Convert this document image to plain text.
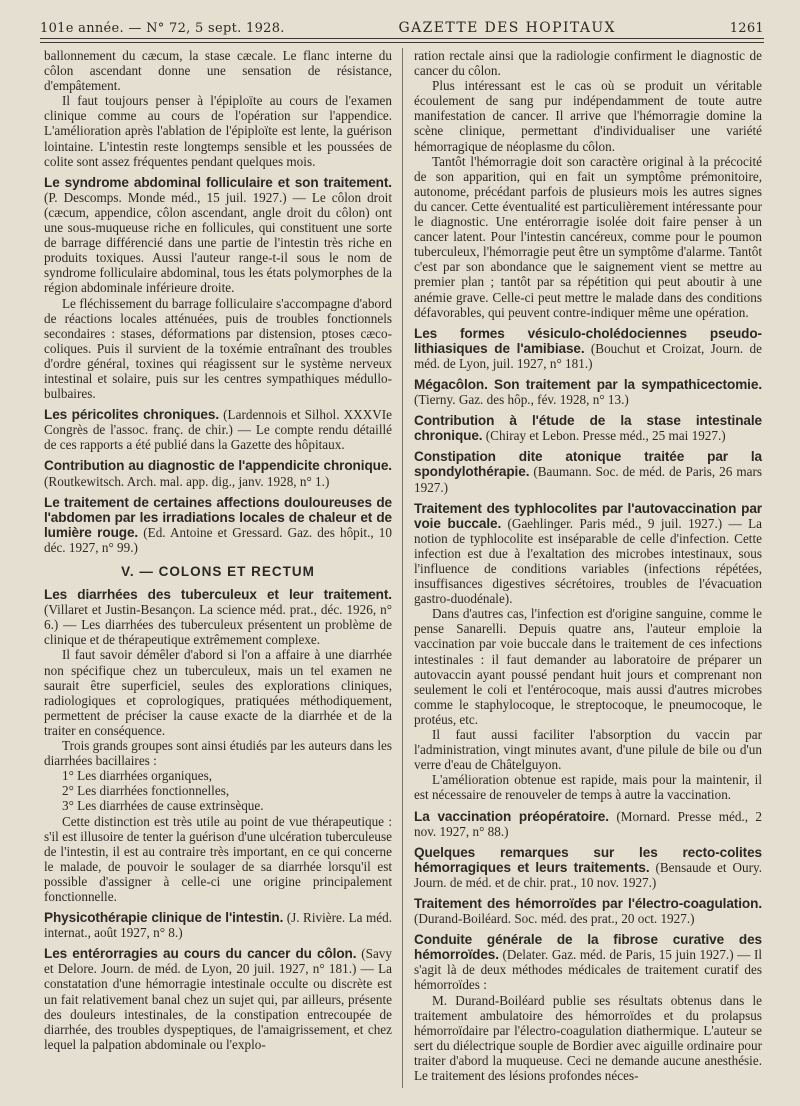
101e année. — N° 72, 5 sept. 1928.	GAZETTE DES HOPITAUX	1261

ballonnement du cæcum, la stase cæcale. Le flanc interne du côlon ascendant donne une sensation de résistance, d'empâtement.

Il faut toujours penser à l'épiploïte au cours de l'examen clinique comme au cours de l'opération sur l'appendice. L'amélioration après l'ablation de l'épiploïte est lente, la guérison lointaine. L'intestin reste longtemps sensible et les poussées de colite sont assez fréquentes pendant quelques mois.

Le syndrome abdominal folliculaire et son traitement. (P. Descomps. Monde méd., 15 juil. 1927.) — Le côlon droit (cæcum, appendice, côlon ascendant, angle droit du côlon) ont une sous-muqueuse riche en follicules, qui constituent une sorte de barrage différencié dans une partie de l'intestin très riche en produits toxiques. Aussi l'auteur range-t-il sous le nom de syndrome folliculaire abdominal, tous les états polymorphes de la région abdominale inférieure droite.

Le fléchissement du barrage folliculaire s'accompagne d'abord de réactions locales atténuées, puis de troubles fonctionnels secondaires : stases, déformations par distension, ptoses cæco-coliques. Puis il survient de la toxémie entraînant des troubles d'ordre général, toxines qui réagissent sur le système nerveux intestinal et solaire, puis sur les centres sympathiques médullo-bulbaires.

Les péricolites chroniques. (Lardennois et Silhol. XXXVIe Congrès de l'assoc. franç. de chir.) — Le compte rendu détaillé de ces rapports a été publié dans la Gazette des hôpitaux.

Contribution au diagnostic de l'appendicite chronique. (Routkewitsch. Arch. mal. app. dig., janv. 1928, n° 1.)

Le traitement de certaines affections douloureuses de l'abdomen par les irradiations locales de chaleur et de lumière rouge. (Ed. Antoine et Gressard. Gaz. des hôpit., 10 déc. 1927, n° 99.)

V. — COLONS ET RECTUM

Les diarrhées des tuberculeux et leur traitement. (Villaret et Justin-Besançon. La science méd. prat., déc. 1926, n° 6.) — Les diarrhées des tuberculeux présentent un problème de clinique et de thérapeutique extrêmement complexe.

Il faut savoir démêler d'abord si l'on a affaire à une diarrhée non spécifique chez un tuberculeux, mais un tel examen ne saurait être superficiel, seules des explorations cliniques, radiologiques et coprologiques, pratiquées méthodiquement, permettent de préciser la cause exacte de la diarrhée et de la traiter en conséquence.

Trois grands groupes sont ainsi étudiés par les auteurs dans les diarrhées bacillaires :

1° Les diarrhées organiques,

2° Les diarrhées fonctionnelles,

3° Les diarrhées de cause extrinsèque.

Cette distinction est très utile au point de vue thérapeutique : s'il est illusoire de tenter la guérison d'une ulcération tuberculeuse de l'intestin, il est au contraire très important, en ce qui concerne le malade, de pouvoir le soulager de sa diarrhée lorsqu'il est possible d'assigner à celle-ci une origine principalement fonctionnelle.

Physicothérapie clinique de l'intestin. (J. Rivière. La méd. internat., août 1927, n° 8.)

Les entérorragies au cours du cancer du côlon. (Savy et Delore. Journ. de méd. de Lyon, 20 juil. 1927, n° 181.) — La constatation d'une hémorragie intestinale occulte ou discrète est un fait relativement banal chez un sujet qui, par ailleurs, présente des douleurs intestinales, de la constipation entrecoupée de diarrhée, des troubles dyspeptiques, de l'amaigrissement, et chez lequel la palpation abdominale ou l'explo-

ration rectale ainsi que la radiologie confirment le diagnostic de cancer du côlon.

Plus intéressant est le cas où se produit un véritable écoulement de sang pur indépendamment de toute autre manifestation de cancer. Il arrive que l'hémorragie domine la scène clinique, permettant d'individualiser une variété hémorragique de néoplasme du côlon.

Tantôt l'hémorragie doit son caractère original à la précocité de son apparition, qui en fait un symptôme prémonitoire, autonome, précédant parfois de plusieurs mois les autres signes du cancer. Cette éventualité est particulièrement intéressante pour le diagnostic. Une entérorragie isolée doit faire penser à un cancer latent. Pour l'intestin cancéreux, comme pour le poumon tuberculeux, l'hémorragie peut être un symptôme d'alarme. Tantôt c'est par son abondance que le saignement vient se mettre au premier plan ; tantôt par sa répétition qui peut aboutir à une anémie grave. Celle-ci peut mettre le malade dans des conditions défavorables, qui peuvent contre-indiquer même une opération.

Les formes vésiculo-cholédociennes pseudo-lithiasiques de l'amibiase. (Bouchut et Croizat, Journ. de méd. de Lyon, juil. 1927, n° 181.)

Mégacôlon. Son traitement par la sympathicectomie. (Tierny. Gaz. des hôp., fév. 1928, n° 13.)

Contribution à l'étude de la stase intestinale chronique. (Chiray et Lebon. Presse méd., 25 mai 1927.)

Constipation dite atonique traitée par la spondylothérapie. (Baumann. Soc. de méd. de Paris, 26 mars 1927.)

Traitement des typhlocolites par l'autovaccination par voie buccale. (Gaehlinger. Paris méd., 9 juil. 1927.) — La notion de typhlocolite est inséparable de celle d'infection. Cette infection est due à l'exaltation des microbes intestinaux, sous l'influence de conditions variables (infections répétées, insuffisances digestives sécrétoires, troubles de l'évacuation gastro-duodénale).

Dans d'autres cas, l'infection est d'origine sanguine, comme le pense Sanarelli. Depuis quatre ans, l'auteur emploie la vaccination par voie buccale dans le traitement de ces infections intestinales : il faut demander au laboratoire de préparer un autovaccin ayant poussé pendant huit jours et comprenant non seulement le coli et l'entérocoque, mais aussi d'autres microbes comme le staphylocoque, le streptocoque, le pneumocoque, le protéus, etc.

Il faut aussi faciliter l'absorption du vaccin par l'administration, vingt minutes avant, d'une pilule de bile ou d'un verre d'eau de Châtelguyon.

L'amélioration obtenue est rapide, mais pour la maintenir, il est nécessaire de renouveler de temps à autre la vaccination.

La vaccination préopératoire. (Mornard. Presse méd., 2 nov. 1927, n° 88.)

Quelques remarques sur les recto-colites hémorragiques et leurs traitements. (Bensaude et Oury. Journ. de méd. et de chir. prat., 10 nov. 1927.)

Traitement des hémorroïdes par l'électro-coagulation. (Durand-Boiléard. Soc. méd. des prat., 20 oct. 1927.)

Conduite générale de la fibrose curative des hémorroïdes. (Delater. Gaz. méd. de Paris, 15 juin 1927.) — Il s'agit là de deux méthodes médicales de traitement curatif des hémorroïdes :

M. Durand-Boiléard publie ses résultats obtenus dans le traitement ambulatoire des hémorroïdes et du prolapsus hémorroïdaire par l'électro-coagulation diathermique. L'auteur se sert du diélectrique souple de Bordier avec aiguille ordinaire pour traiter d'abord la muqueuse. Ceci ne demande aucune anesthésie. Le traitement des lésions profondes néces-
